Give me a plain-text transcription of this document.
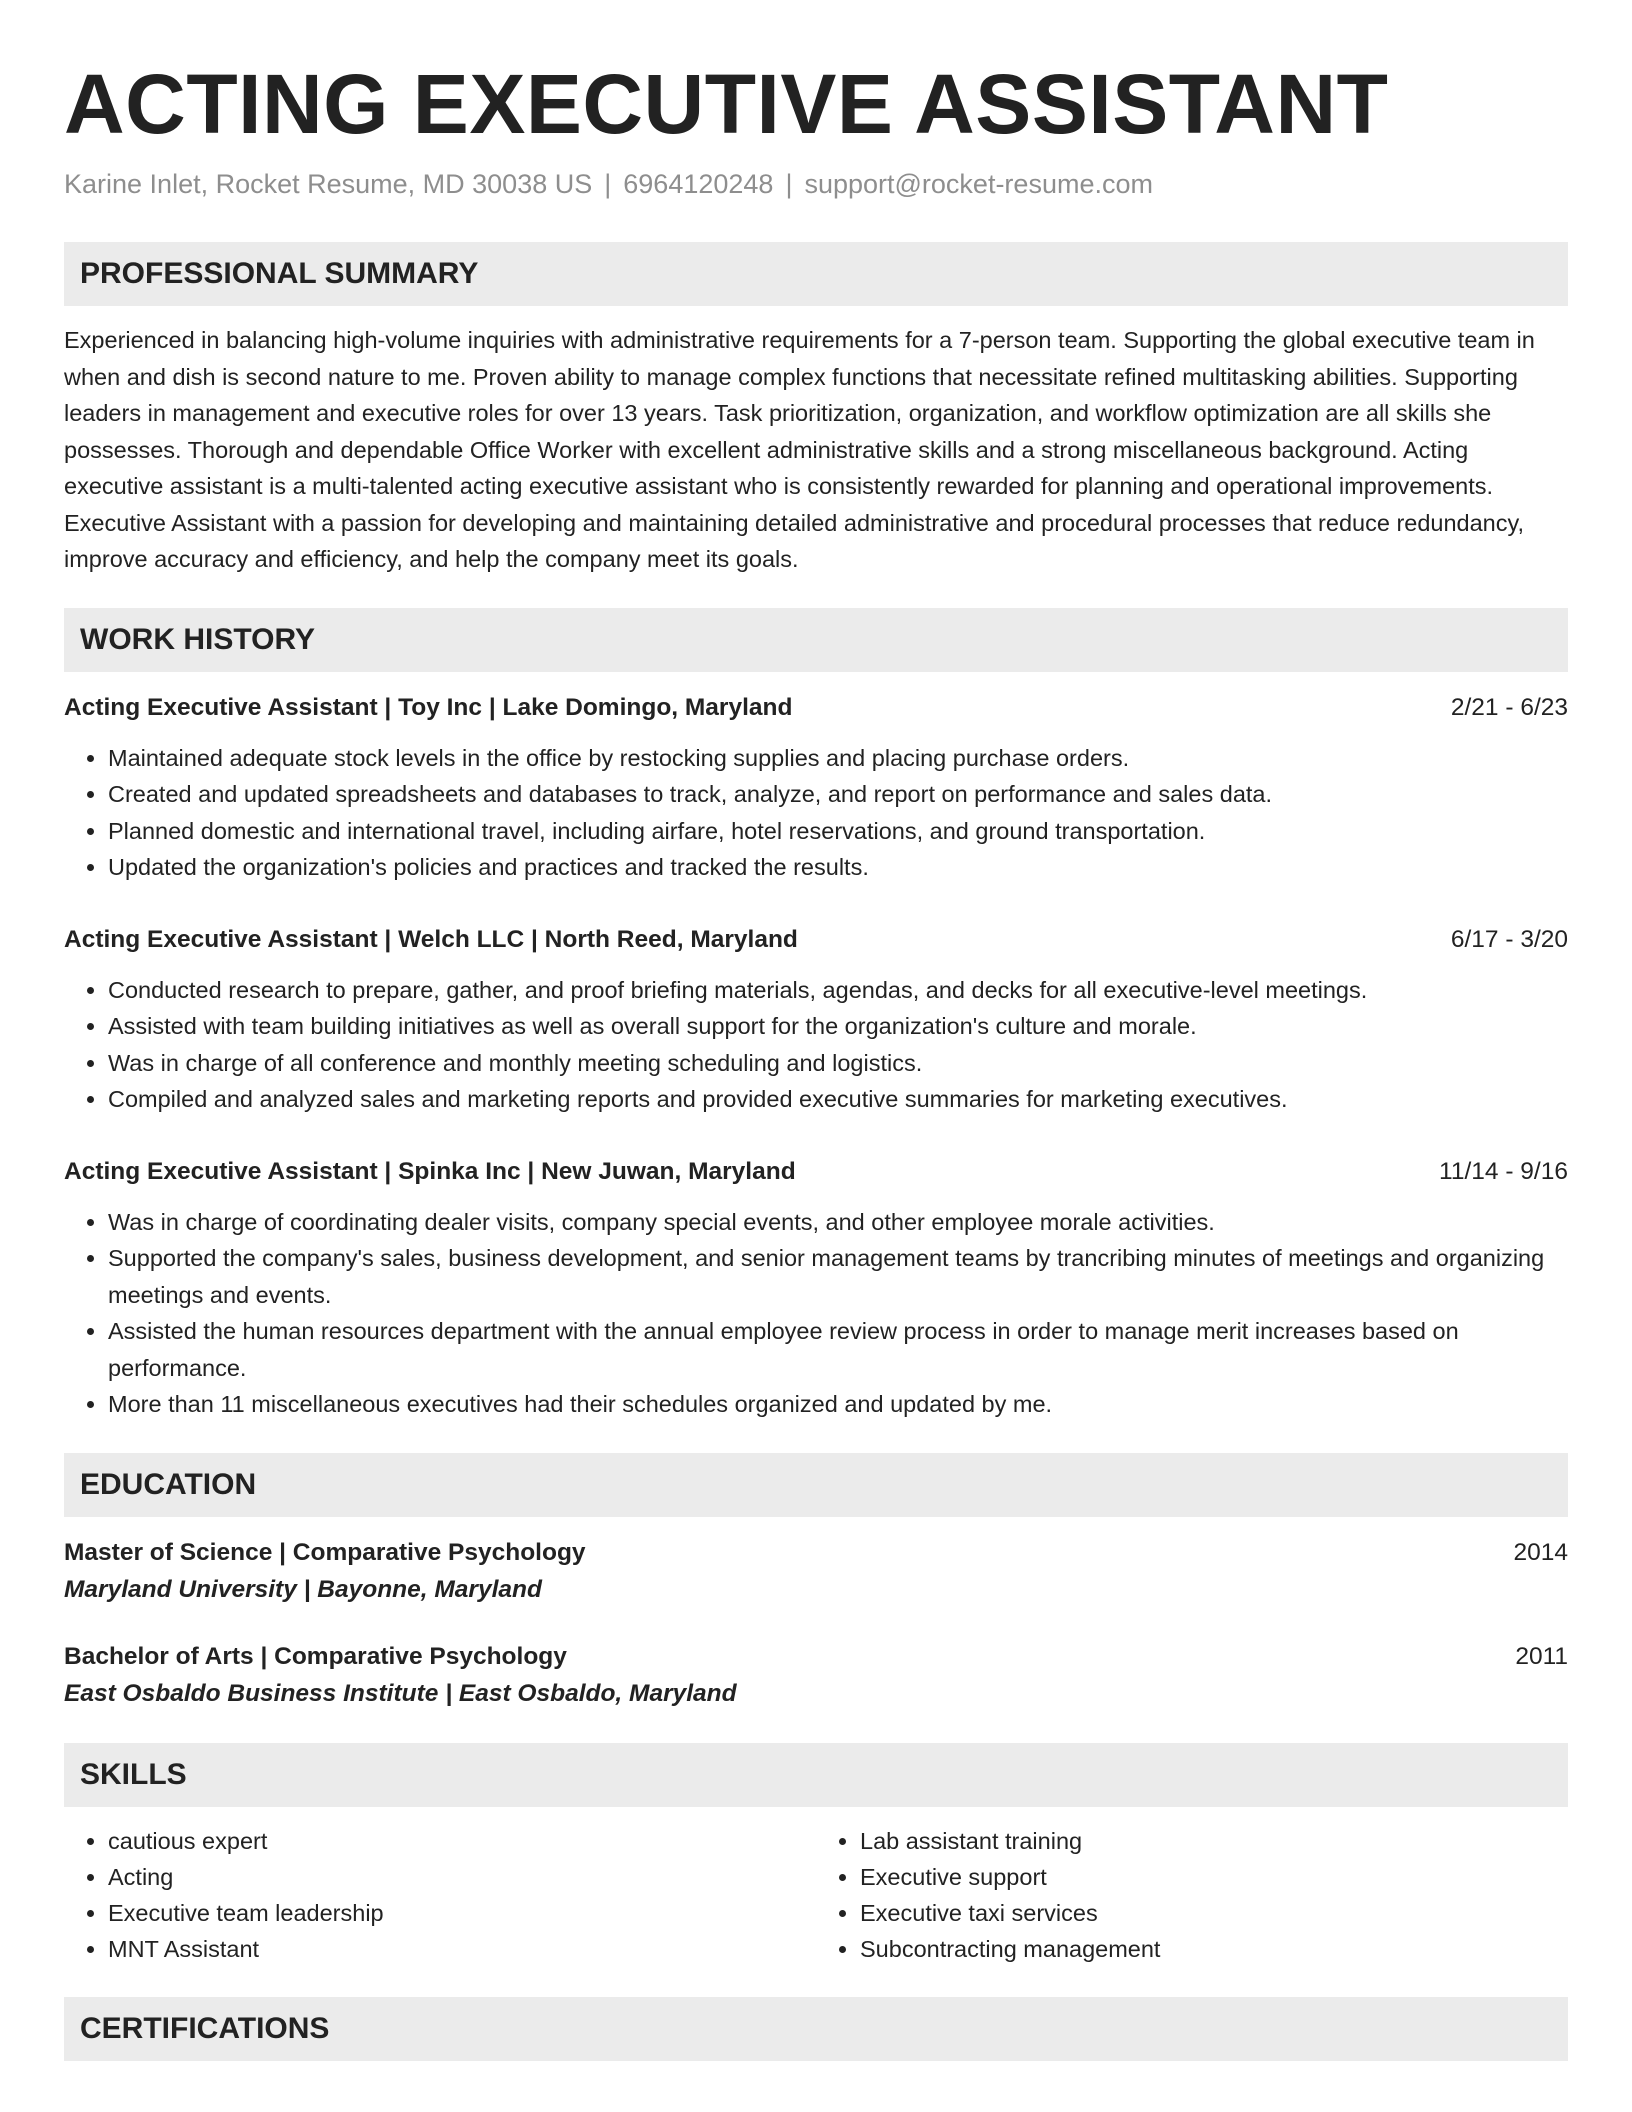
ACTING EXECUTIVE ASSISTANT
Karine Inlet, Rocket Resume, MD 30038 US | 6964120248 | support@rocket-resume.com
PROFESSIONAL SUMMARY

Experienced in balancing high-volume inquiries with administrative requirements for a 7-person team. Supporting the global executive team in when and dish is second nature to me. Proven ability to manage complex functions that necessitate refined multitasking abilities. Supporting leaders in management and executive roles for over 13 years. Task prioritization, organization, and workflow optimization are all skills she possesses. Thorough and dependable Office Worker with excellent administrative skills and a strong miscellaneous background. Acting executive assistant is a multi-talented acting executive assistant who is consistently rewarded for planning and operational improvements. Executive Assistant with a passion for developing and maintaining detailed administrative and procedural processes that reduce redundancy, improve accuracy and efficiency, and help the company meet its goals.

WORK HISTORY
Acting Executive Assistant | Toy Inc | Lake Domingo, Maryland	2/21 - 6/23
• Maintained adequate stock levels in the office by restocking supplies and placing purchase orders.
• Created and updated spreadsheets and databases to track, analyze, and report on performance and sales data.
• Planned domestic and international travel, including airfare, hotel reservations, and ground transportation.
• Updated the organization's policies and practices and tracked the results.
Acting Executive Assistant | Welch LLC | North Reed, Maryland	6/17 - 3/20
• Conducted research to prepare, gather, and proof briefing materials, agendas, and decks for all executive-level meetings.
• Assisted with team building initiatives as well as overall support for the organization's culture and morale.
• Was in charge of all conference and monthly meeting scheduling and logistics.
• Compiled and analyzed sales and marketing reports and provided executive summaries for marketing executives.
Acting Executive Assistant | Spinka Inc | New Juwan, Maryland	11/14 - 9/16
• Was in charge of coordinating dealer visits, company special events, and other employee morale activities.
• Supported the company's sales, business development, and senior management teams by trancribing minutes of meetings and organizing meetings and events.
• Assisted the human resources department with the annual employee review process in order to manage merit increases based on performance.
• More than 11 miscellaneous executives had their schedules organized and updated by me.
EDUCATION
Master of Science | Comparative Psychology	2014
Maryland University | Bayonne, Maryland
Bachelor of Arts | Comparative Psychology	2011
East Osbaldo Business Institute | East Osbaldo, Maryland
SKILLS
• cautious expert
• Acting
• Executive team leadership
• MNT Assistant
• Lab assistant training
• Executive support
• Executive taxi services
• Subcontracting management
CERTIFICATIONS
